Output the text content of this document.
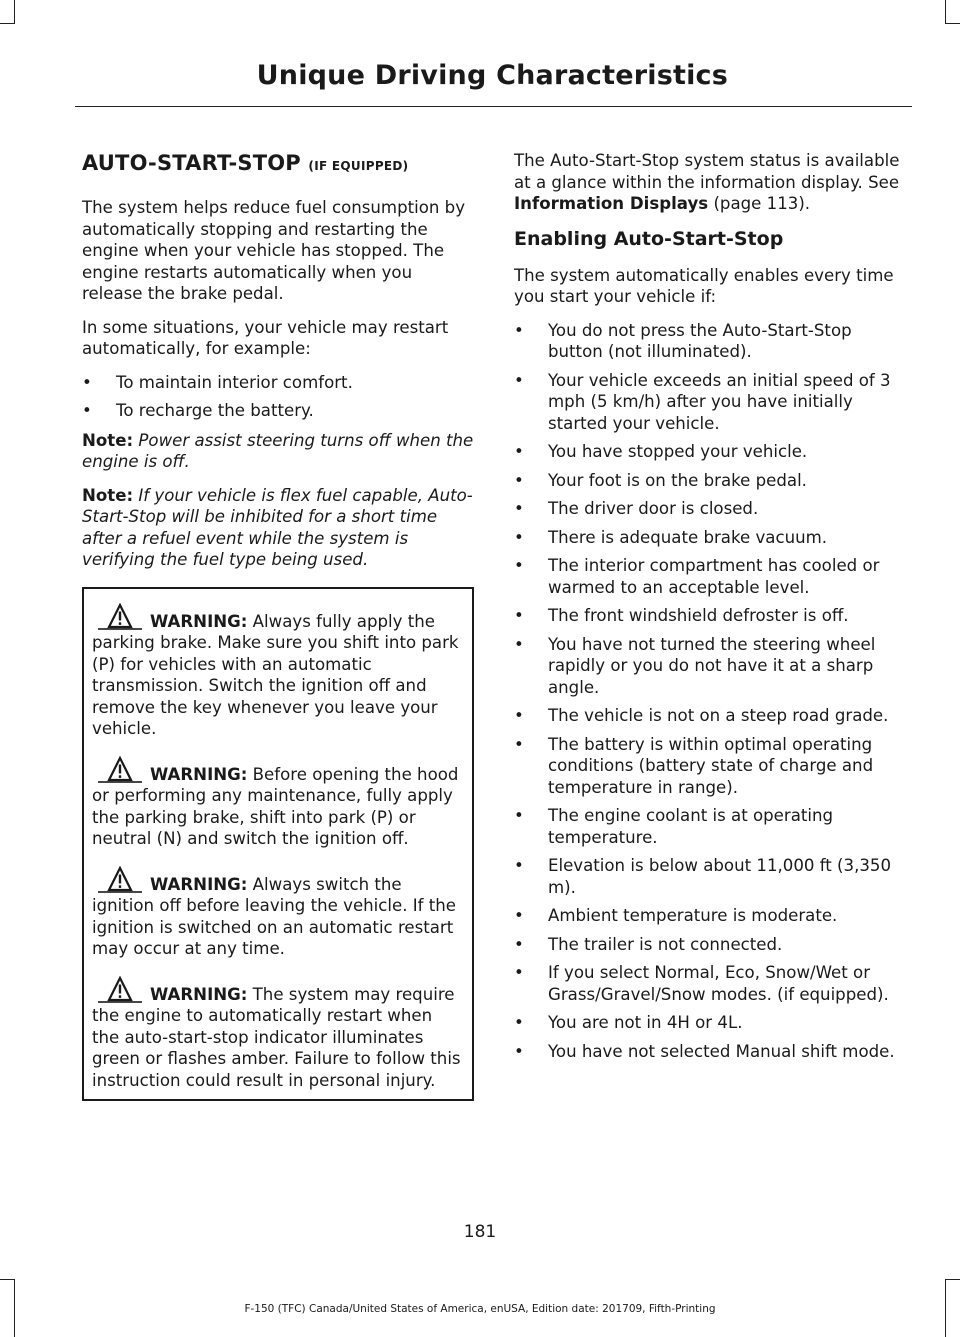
Unique Driving Characteristics
AUTO-START-STOP (IF EQUIPPED)

The system helps reduce fuel consumption by automatically stopping and restarting the engine when your vehicle has stopped. The engine restarts automatically when you release the brake pedal.

In some situations, your vehicle may restart automatically, for example:

• To maintain interior comfort.
• To recharge the battery.

Note: Power assist steering turns off when the engine is off.

Note: If your vehicle is flex fuel capable, Auto-Start-Stop will be inhibited for a short time after a refuel event while the system is verifying the fuel type being used.

WARNING: Always fully apply the parking brake. Make sure you shift into park (P) for vehicles with an automatic transmission. Switch the ignition off and remove the key whenever you leave your vehicle.

WARNING: Before opening the hood or performing any maintenance, fully apply the parking brake, shift into park (P) or neutral (N) and switch the ignition off.

WARNING: Always switch the ignition off before leaving the vehicle. If the ignition is switched on an automatic restart may occur at any time.

WARNING: The system may require the engine to automatically restart when the auto-start-stop indicator illuminates green or flashes amber. Failure to follow this instruction could result in personal injury.

The Auto-Start-Stop system status is available at a glance within the information display. See Information Displays (page 113).

Enabling Auto-Start-Stop

The system automatically enables every time you start your vehicle if:

• You do not press the Auto-Start-Stop button (not illuminated).
• Your vehicle exceeds an initial speed of 3 mph (5 km/h) after you have initially started your vehicle.
• You have stopped your vehicle.
• Your foot is on the brake pedal.
• The driver door is closed.
• There is adequate brake vacuum.
• The interior compartment has cooled or warmed to an acceptable level.
• The front windshield defroster is off.
• You have not turned the steering wheel rapidly or you do not have it at a sharp angle.
• The vehicle is not on a steep road grade.
• The battery is within optimal operating conditions (battery state of charge and temperature in range).
• The engine coolant is at operating temperature.
• Elevation is below about 11,000 ft (3,350 m).
• Ambient temperature is moderate.
• The trailer is not connected.
• If you select Normal, Eco, Snow/Wet or Grass/Gravel/Snow modes. (if equipped).
• You are not in 4H or 4L.
• You have not selected Manual shift mode.
181
F-150 (TFC) Canada/United States of America, enUSA, Edition date: 201709, Fifth-Printing
